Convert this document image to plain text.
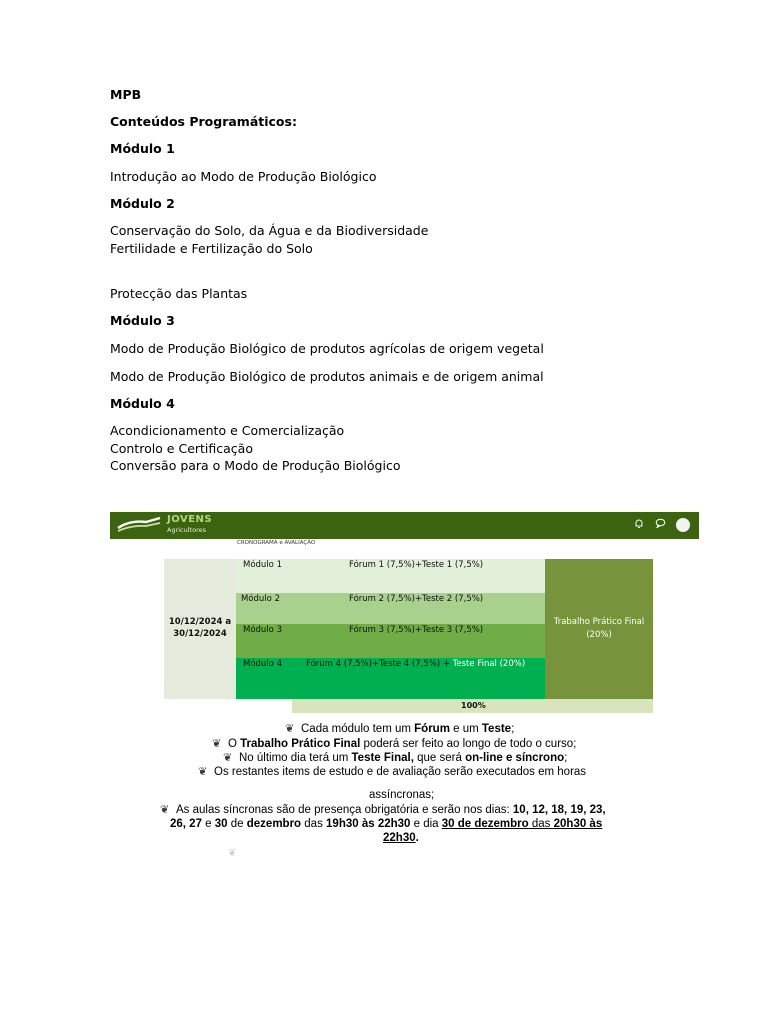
MPB
Conteúdos Programáticos:
Módulo 1
Introdução ao Modo de Produção Biológico
Módulo 2
Conservação do Solo, da Água e da Biodiversidade
Fertilidade e Fertilização do Solo
Protecção das Plantas
Módulo 3
Modo de Produção Biológico de produtos agrícolas de origem vegetal
Modo de Produção Biológico de produtos animais e de origem animal
Módulo 4
Acondicionamento e Comercialização
Controlo e Certificação
Conversão para o Modo de Produção Biológico
JOVENS
Agricultores
CRONOGRAMA e AVALIAÇÃO
10/12/2024 a 30/12/2024
Módulo 1	Fórum 1 (7,5%)+Teste 1 (7,5%)
Módulo 2	Fórum 2 (7,5%)+Teste 2 (7,5%)
Módulo 3	Fórum 3 (7,5%)+Teste 3 (7,5%)
Módulo 4	Fórum 4 (7,5%)+Teste 4 (7,5%) + Teste Final (20%)
Trabalho Prático Final (20%)
100%
❦ Cada módulo tem um Fórum e um Teste;
❦ O Trabalho Prático Final poderá ser feito ao longo de todo o curso;
❦ No último dia terá um Teste Final, que será on-line e síncrono;
❦ Os restantes items de estudo e de avaliação serão executados em horas
assíncronas;
❦ As aulas síncronas são de presença obrigatória e serão nos dias: 10, 12, 18, 19, 23,
26, 27 e 30 de dezembro das 19h30 às 22h30 e dia 30 de dezembro das 20h30 às
22h30.
❦
